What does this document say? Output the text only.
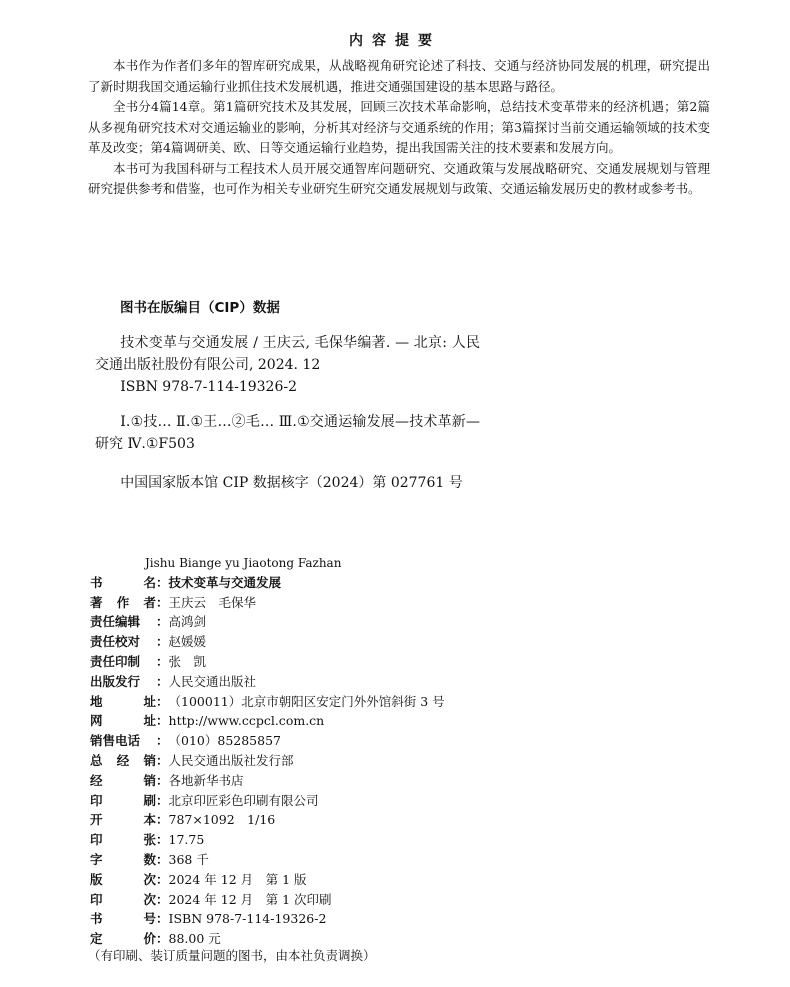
内容提要

本书作为作者们多年的智库研究成果，从战略视角研究论述了科技、交通与经济协同发展的机理，研究提出了新时期我国交通运输行业抓住技术发展机遇，推进交通强国建设的基本思路与路径。

全书分4篇14章。第1篇研究技术及其发展，回顾三次技术革命影响，总结技术变革带来的经济机遇；第2篇从多视角研究技术对交通运输业的影响，分析其对经济与交通系统的作用；第3篇探讨当前交通运输领域的技术变革及改变；第4篇调研美、欧、日等交通运输行业趋势，提出我国需关注的技术要素和发展方向。

本书可为我国科研与工程技术人员开展交通智库问题研究、交通政策与发展战略研究、交通发展规划与管理研究提供参考和借鉴，也可作为相关专业研究生研究交通发展规划与政策、交通运输发展历史的教材或参考书。

图书在版编目（CIP）数据

技术变革与交通发展 / 王庆云, 毛保华编著. — 北京: 人民交通出版社股份有限公司, 2024. 12

ISBN 978-7-114-19326-2

Ⅰ.①技… Ⅱ.①王…②毛… Ⅲ.①交通运输发展—技术革新—研究 Ⅳ.①F503

中国国家版本馆 CIP 数据核字（2024）第 027761 号

Jishu Biange yu Jiaotong Fazhan
书	名 ： 技术变革与交通发展
著 作 者 ： 王庆云　毛保华
责任编辑 ： 高鸿剑
责任校对 ： 赵媛媛
责任印制 ： 张　凯
出版发行 ： 人民交通出版社
地	址 ： （100011）北京市朝阳区安定门外外馆斜街 3 号
网	址 ： http://www.ccpcl.com.cn
销售电话 ： （010）85285857
总 经 销 ： 人民交通出版社发行部
经	销 ： 各地新华书店
印	刷 ： 北京印匠彩色印刷有限公司
开	本 ： 787×1092　1/16
印	张 ： 17.75
字	数 ： 368 千
版	次 ： 2024 年 12 月　第 1 版
印	次 ： 2024 年 12 月　第 1 次印刷
书	号 ： ISBN 978-7-114-19326-2
定	价 ： 88.00 元
（有印刷、装订质量问题的图书，由本社负责调换）
